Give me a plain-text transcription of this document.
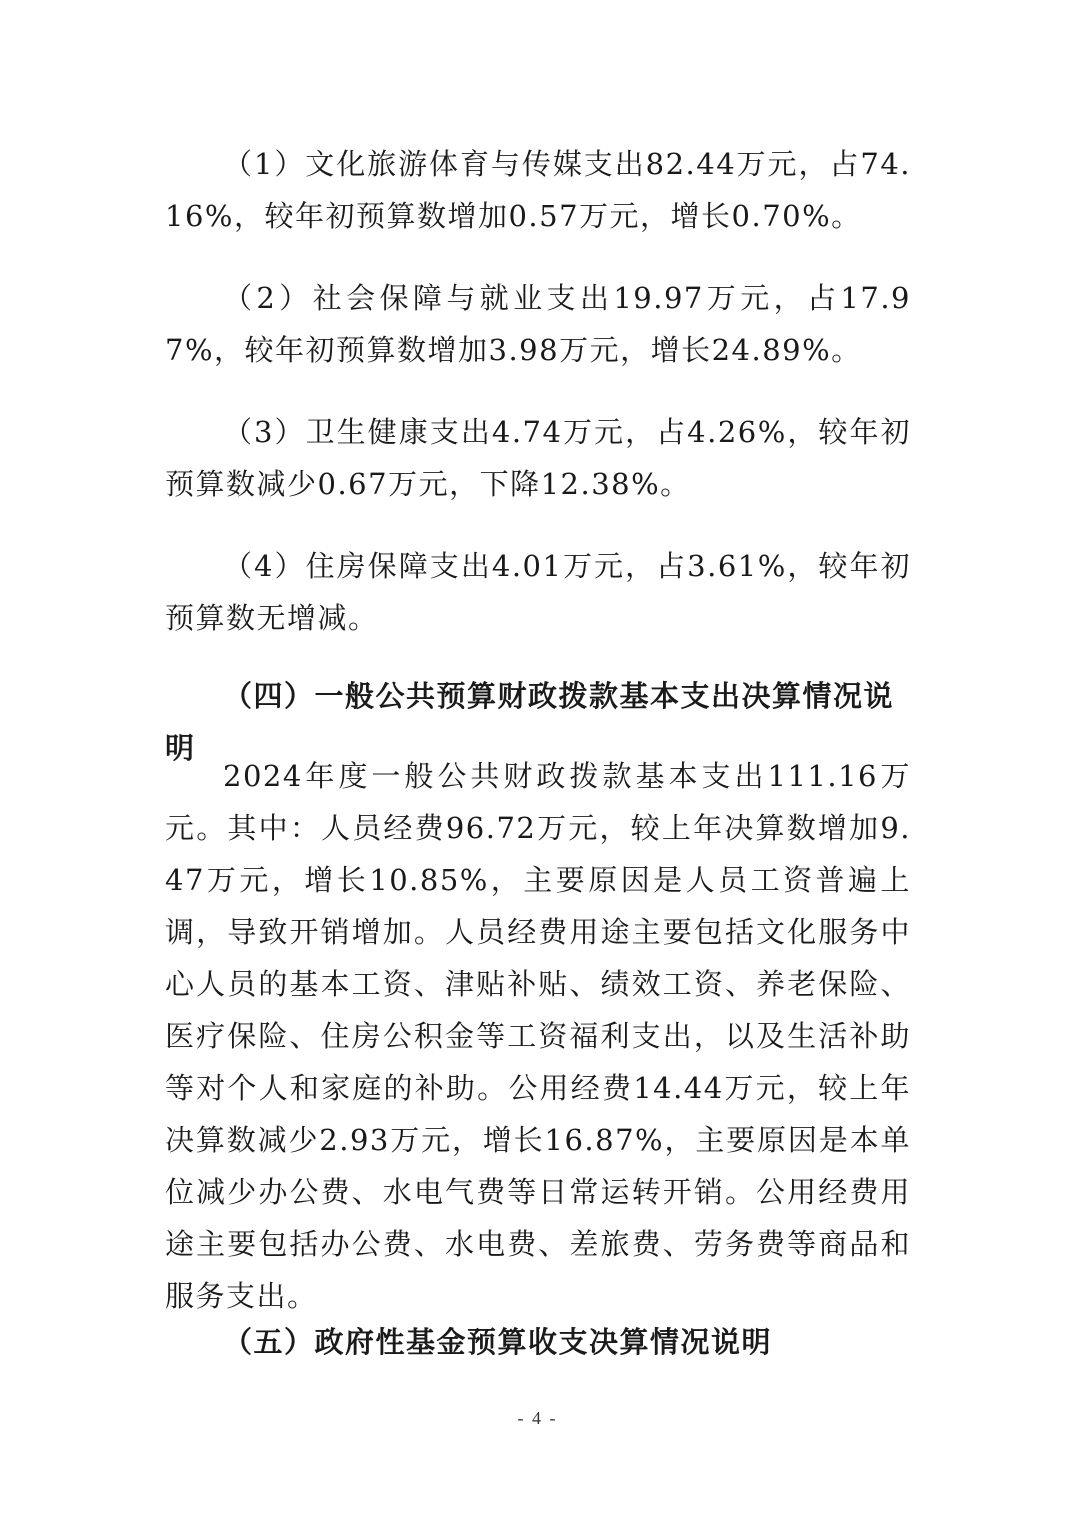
（1）文化旅游体育与传媒支出82.44万元，占74.16%，较年初预算数增加0.57万元，增长0.70%。

（2）社会保障与就业支出19.97万元，占17.97%，较年初预算数增加3.98万元，增长24.89%。

（3）卫生健康支出4.74万元，占4.26%，较年初预算数减少0.67万元，下降12.38%。

（4）住房保障支出4.01万元，占3.61%，较年初预算数无增减。

（四）一般公共预算财政拨款基本支出决算情况说明

2024年度一般公共财政拨款基本支出111.16万元。其中：人员经费96.72万元，较上年决算数增加9.47万元，增长10.85%，主要原因是人员工资普遍上调，导致开销增加。人员经费用途主要包括文化服务中心人员的基本工资、津贴补贴、绩效工资、养老保险、医疗保险、住房公积金等工资福利支出，以及生活补助等对个人和家庭的补助。公用经费14.44万元，较上年决算数减少2.93万元，增长16.87%，主要原因是本单位减少办公费、水电气费等日常运转开销。公用经费用途主要包括办公费、水电费、差旅费、劳务费等商品和服务支出。

（五）政府性基金预算收支决算情况说明

- 4 -
